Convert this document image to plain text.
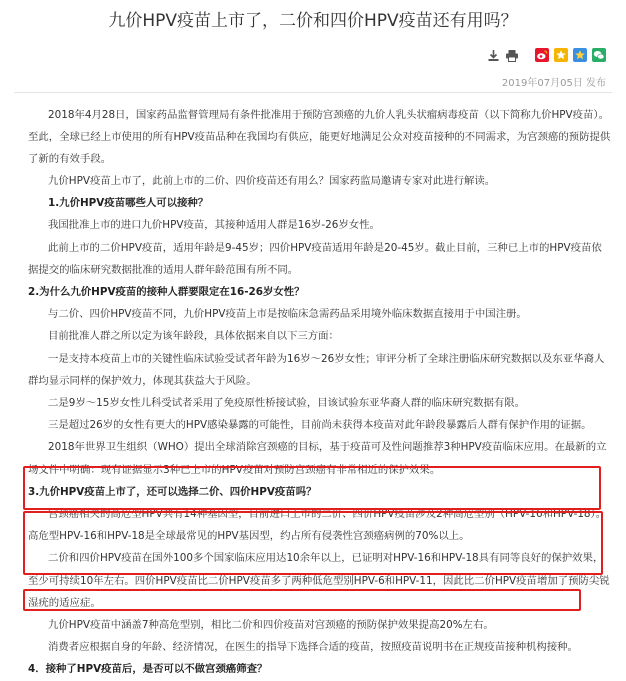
九价HPV疫苗上市了，二价和四价HPV疫苗还有用吗？
2019年07月05日 发布

2018年4月28日，国家药品监督管理局有条件批准用于预防宫颈癌的九价人乳头状瘤病毒疫苗（以下简称九价HPV疫苗）。至此，全球已经上市使用的所有HPV疫苗品种在我国均有供应，能更好地满足公众对疫苗接种的不同需求，为宫颈癌的预防提供了新的有效手段。

九价HPV疫苗上市了，此前上市的二价、四价疫苗还有用么？国家药监局邀请专家对此进行解读。

1.九价HPV疫苗哪些人可以接种？

我国批准上市的进口九价HPV疫苗，其接种适用人群是16岁-26岁女性。

此前上市的二价HPV疫苗，适用年龄是9-45岁；四价HPV疫苗适用年龄是20-45岁。截止目前，三种已上市的HPV疫苗依据提交的临床研究数据批准的适用人群年龄范围有所不同。

2.为什么九价HPV疫苗的接种人群要限定在16-26岁女性？

与二价、四价HPV疫苗不同，九价HPV疫苗上市是按临床急需药品采用境外临床数据直接用于中国注册。

目前批准人群之所以定为该年龄段，具体依据来自以下三方面：

一是支持本疫苗上市的关键性临床试验受试者年龄为16岁～26岁女性；审评分析了全球注册临床研究数据以及东亚华裔人群均显示同样的保护效力，体现其获益大于风险。

二是9岁～15岁女性儿科受试者采用了免疫原性桥接试验，目该试验东亚华裔人群的临床研究数据有限。

三是超过26岁的女性有更大的HPV感染暴露的可能性，目前尚未获得本疫苗对此年龄段暴露后人群有保护作用的证据。

2018年世界卫生组织（WHO）提出全球消除宫颈癌的目标，基于疫苗可及性问题推荐3种HPV疫苗临床应用。在最新的立场文件中明确：现有证据显示3种已上市的HPV疫苗对预防宫颈癌有非常相近的保护效果。

3.九价HPV疫苗上市了，还可以选择二价、四价HPV疫苗吗？

宫颈癌相关的高危型HPV共有14种基因型，目前进口上市的二价、四价HPV疫苗涉及2种高危型别（HPV-16和HPV-18）。高危型HPV-16和HPV-18是全球最常见的HPV基因型，约占所有侵袭性宫颈癌病例的70%以上。

二价和四价HPV疫苗在国外100多个国家临床应用达10余年以上，已证明对HPV-16和HPV-18具有同等良好的保护效果，至少可持续10年左右。四价HPV疫苗比二价HPV疫苗多了两种低危型别HPV-6和HPV-11，因此比二价HPV疫苗增加了预防尖锐湿疣的适应症。

九价HPV疫苗中涵盖7种高危型别，相比二价和四价疫苗对宫颈癌的预防保护效果提高20%左右。

消费者应根据自身的年龄、经济情况，在医生的指导下选择合适的疫苗，按照疫苗说明书在正规疫苗接种机构接种。

4．接种了HPV疫苗后，是否可以不做宫颈癌筛查？
